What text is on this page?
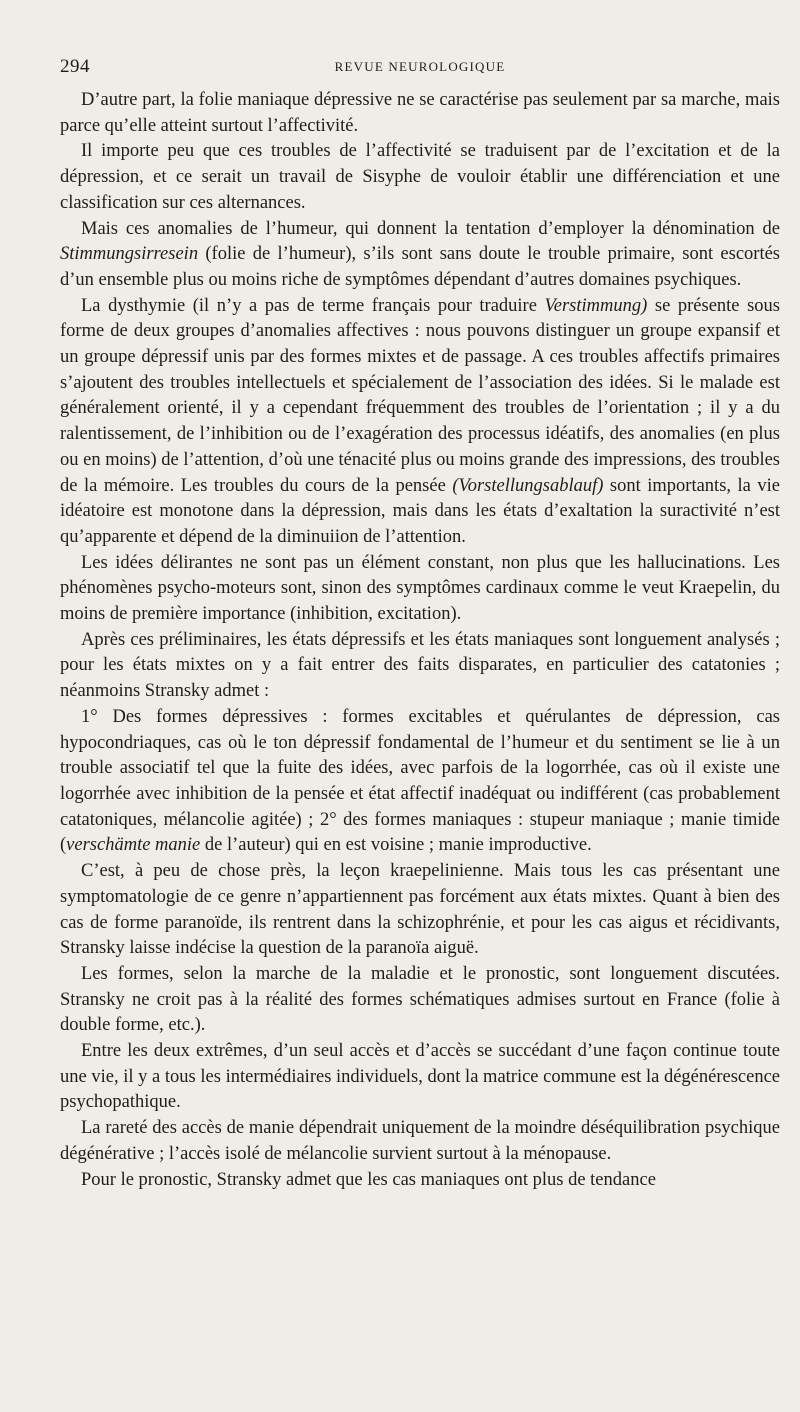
294	REVUE NEUROLOGIQUE

D’autre part, la folie maniaque dépressive ne se caractérise pas seulement par sa marche, mais parce qu’elle atteint surtout l’affectivité.

Il importe peu que ces troubles de l’affectivité se traduisent par de l’excitation et de la dépression, et ce serait un travail de Sisyphe de vouloir établir une différenciation et une classification sur ces alternances.

Mais ces anomalies de l’humeur, qui donnent la tentation d’employer la dénomination de Stimmungsirresein (folie de l’humeur), s’ils sont sans doute le trouble primaire, sont escortés d’un ensemble plus ou moins riche de symptômes dépendant d’autres domaines psychiques.

La dysthymie (il n’y a pas de terme français pour traduire Verstimmung) se présente sous forme de deux groupes d’anomalies affectives : nous pouvons distinguer un groupe expansif et un groupe dépressif unis par des formes mixtes et de passage. A ces troubles affectifs primaires s’ajoutent des troubles intellectuels et spécialement de l’association des idées. Si le malade est généralement orienté, il y a cependant fréquemment des troubles de l’orientation ; il y a du ralentissement, de l’inhibition ou de l’exagération des processus idéatifs, des anomalies (en plus ou en moins) de l’attention, d’où une ténacité plus ou moins grande des impressions, des troubles de la mémoire. Les troubles du cours de la pensée (Vorstellungsablauf) sont importants, la vie idéatoire est monotone dans la dépression, mais dans les états d’exaltation la suractivité n’est qu’apparente et dépend de la diminuiion de l’attention.

Les idées délirantes ne sont pas un élément constant, non plus que les hallucinations. Les phénomènes psycho-moteurs sont, sinon des symptômes cardinaux comme le veut Kraepelin, du moins de première importance (inhibition, excitation).

Après ces préliminaires, les états dépressifs et les états maniaques sont longuement analysés ; pour les états mixtes on y a fait entrer des faits disparates, en particulier des catatonies ; néanmoins Stransky admet :

1° Des formes dépressives : formes excitables et quérulantes de dépression, cas hypocondriaques, cas où le ton dépressif fondamental de l’humeur et du sentiment se lie à un trouble associatif tel que la fuite des idées, avec parfois de la logorrhée, cas où il existe une logorrhée avec inhibition de la pensée et état affectif inadéquat ou indifférent (cas probablement catatoniques, mélancolie agitée) ; 2° des formes maniaques : stupeur maniaque ; manie timide (verschämte manie de l’auteur) qui en est voisine ; manie improductive.

C’est, à peu de chose près, la leçon kraepelinienne. Mais tous les cas présentant une symptomatologie de ce genre n’appartiennent pas forcément aux états mixtes. Quant à bien des cas de forme paranoïde, ils rentrent dans la schizophrénie, et pour les cas aigus et récidivants, Stransky laisse indécise la question de la paranoïa aiguë.

Les formes, selon la marche de la maladie et le pronostic, sont longuement discutées. Stransky ne croit pas à la réalité des formes schématiques admises surtout en France (folie à double forme, etc.).

Entre les deux extrêmes, d’un seul accès et d’accès se succédant d’une façon continue toute une vie, il y a tous les intermédiaires individuels, dont la matrice commune est la dégénérescence psychopathique.

La rareté des accès de manie dépendrait uniquement de la moindre déséquilibration psychique dégénérative ; l’accès isolé de mélancolie survient surtout à la ménopause.

Pour le pronostic, Stransky admet que les cas maniaques ont plus de tendance
